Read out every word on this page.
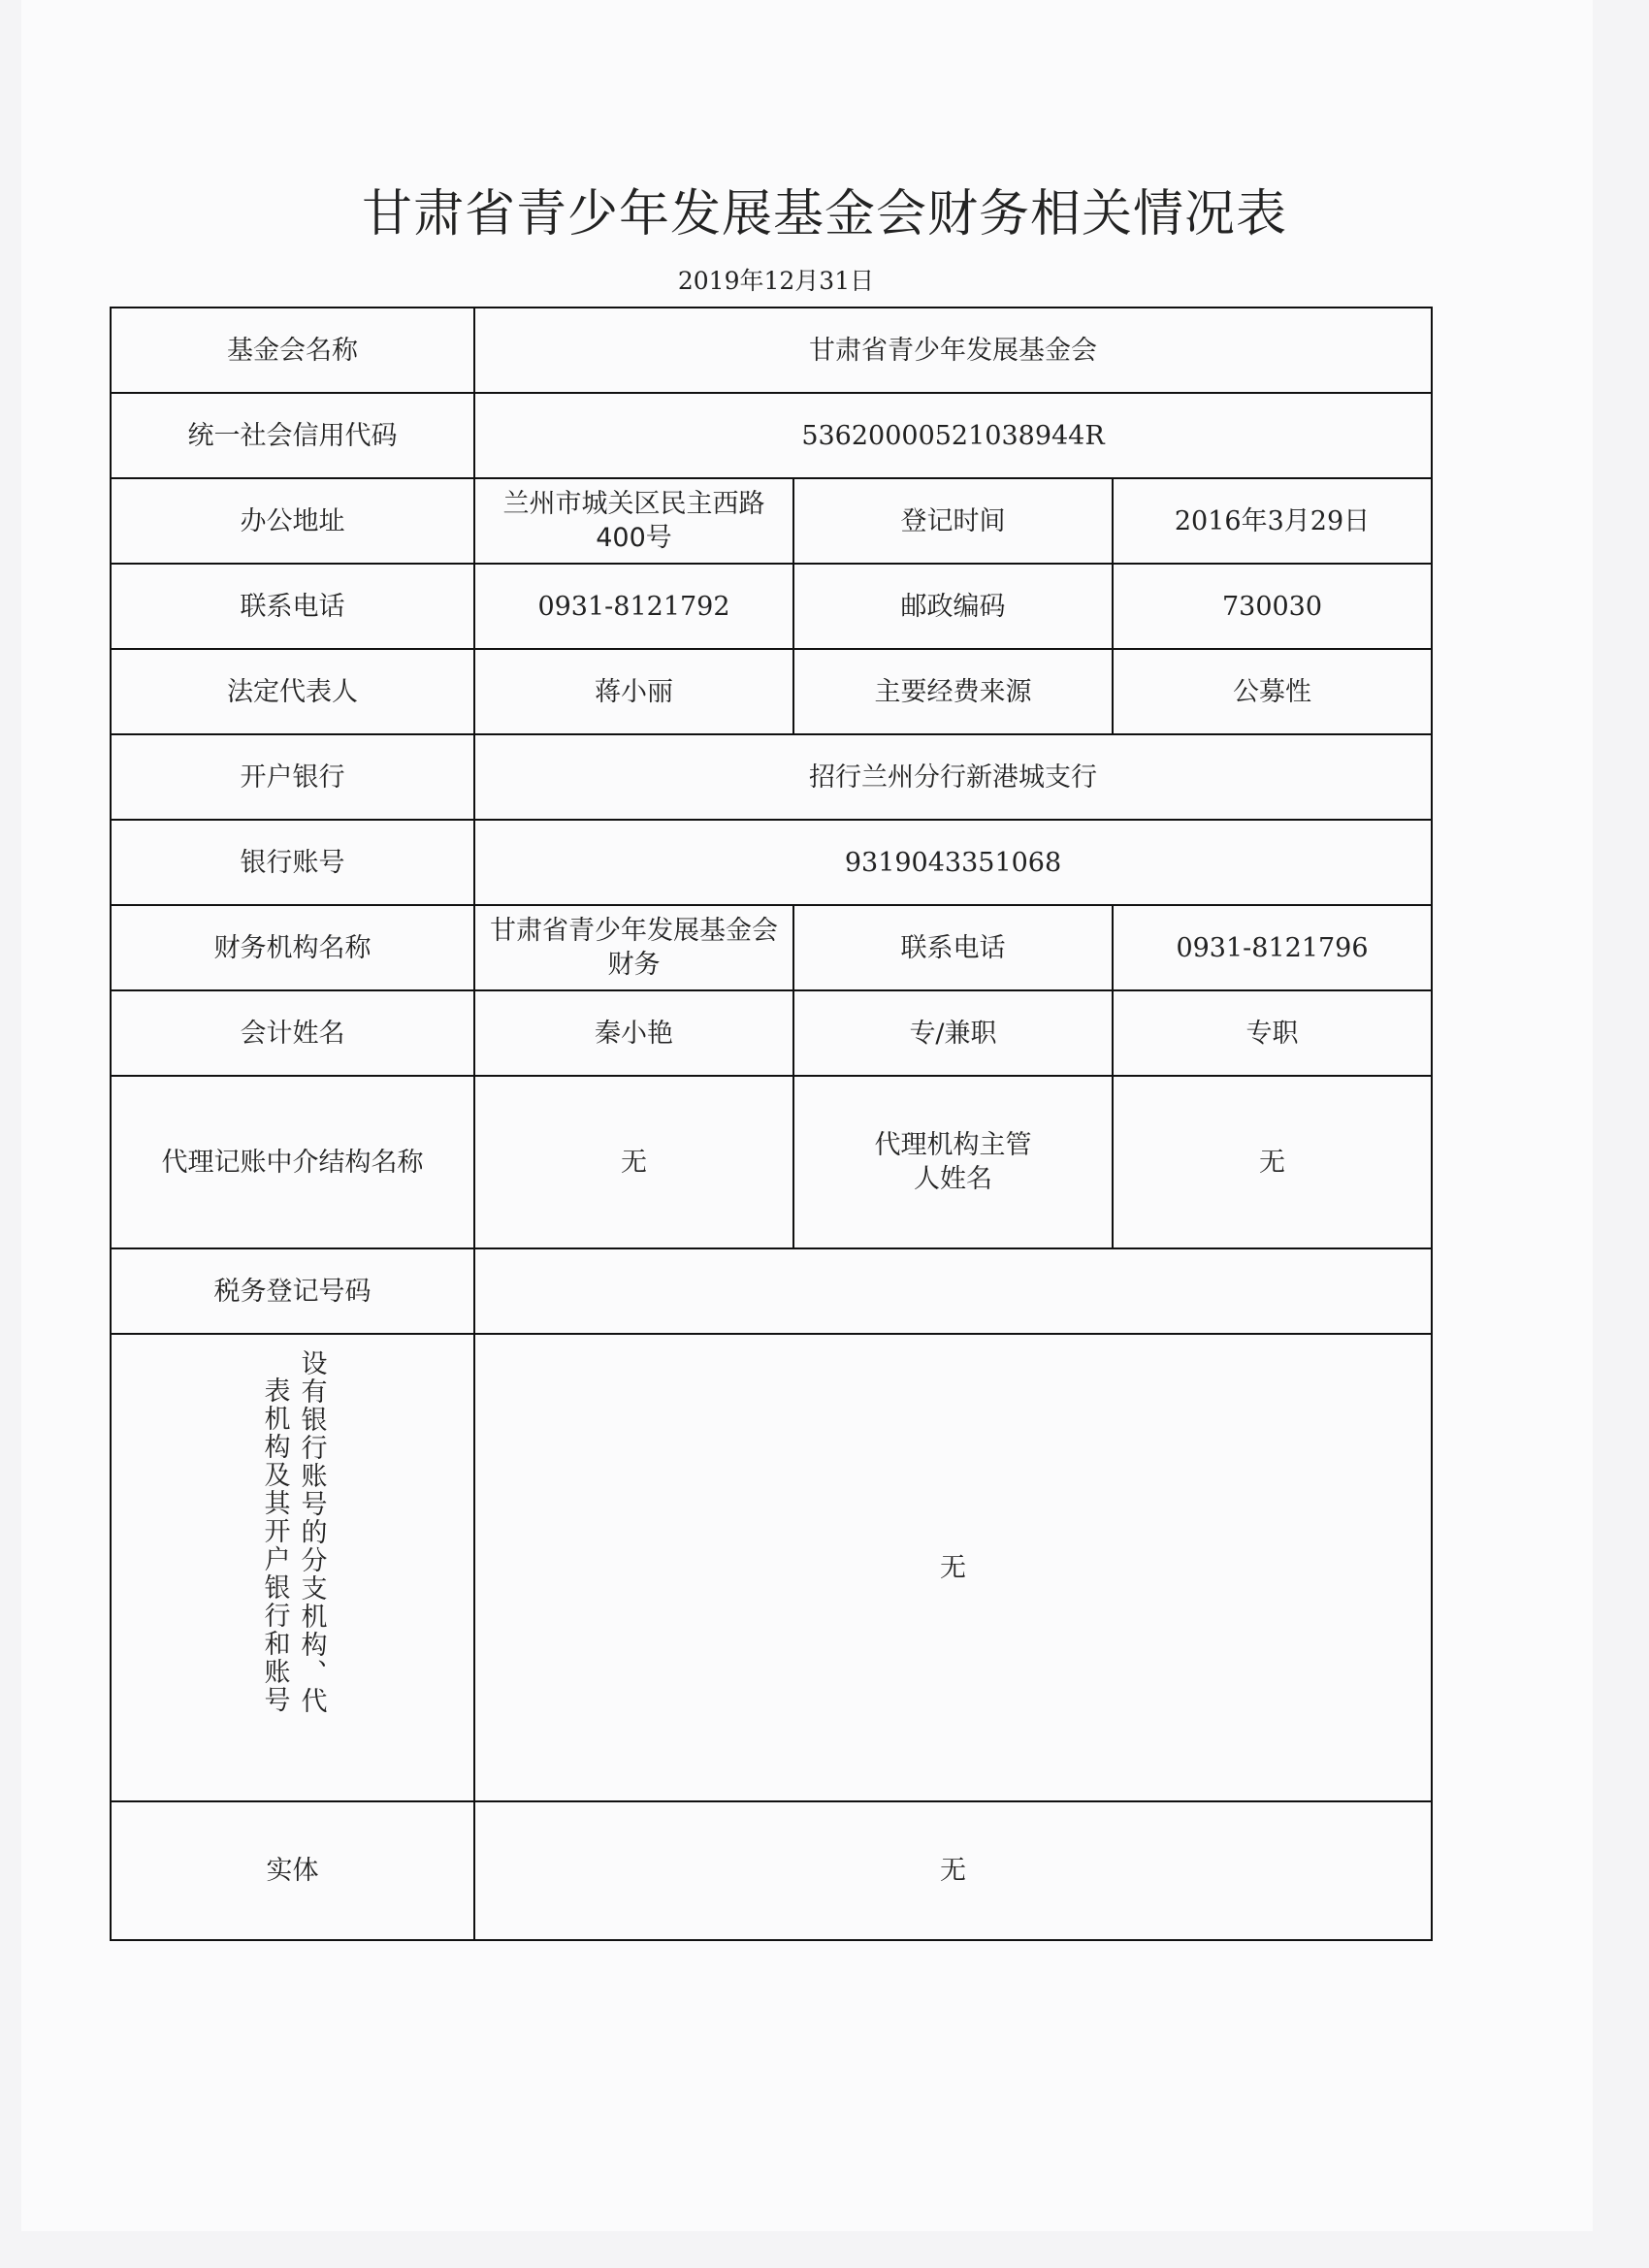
甘肃省青少年发展基金会财务相关情况表
2019年12月31日
基金会名称	甘肃省青少年发展基金会		
统一社会信用代码	53620000521038944R		
办公地址	兰州市城关区民主西路400号	登记时间	2016年3月29日
联系电话	0931-8121792	邮政编码	730030
法定代表人	蒋小丽	主要经费来源	公募性
开户银行	招行兰州分行新港城支行		
银行账号	9319043351068		
财务机构名称	甘肃省青少年发展基金会财务	联系电话	0931-8121796
会计姓名	秦小艳	专/兼职	专职
代理记账中介结构名称	无	代理机构主管人姓名	无
税务登记号码			

设有银行账号的分支机构、代
表机构及其开户银行和账号	无		
实体	无		
